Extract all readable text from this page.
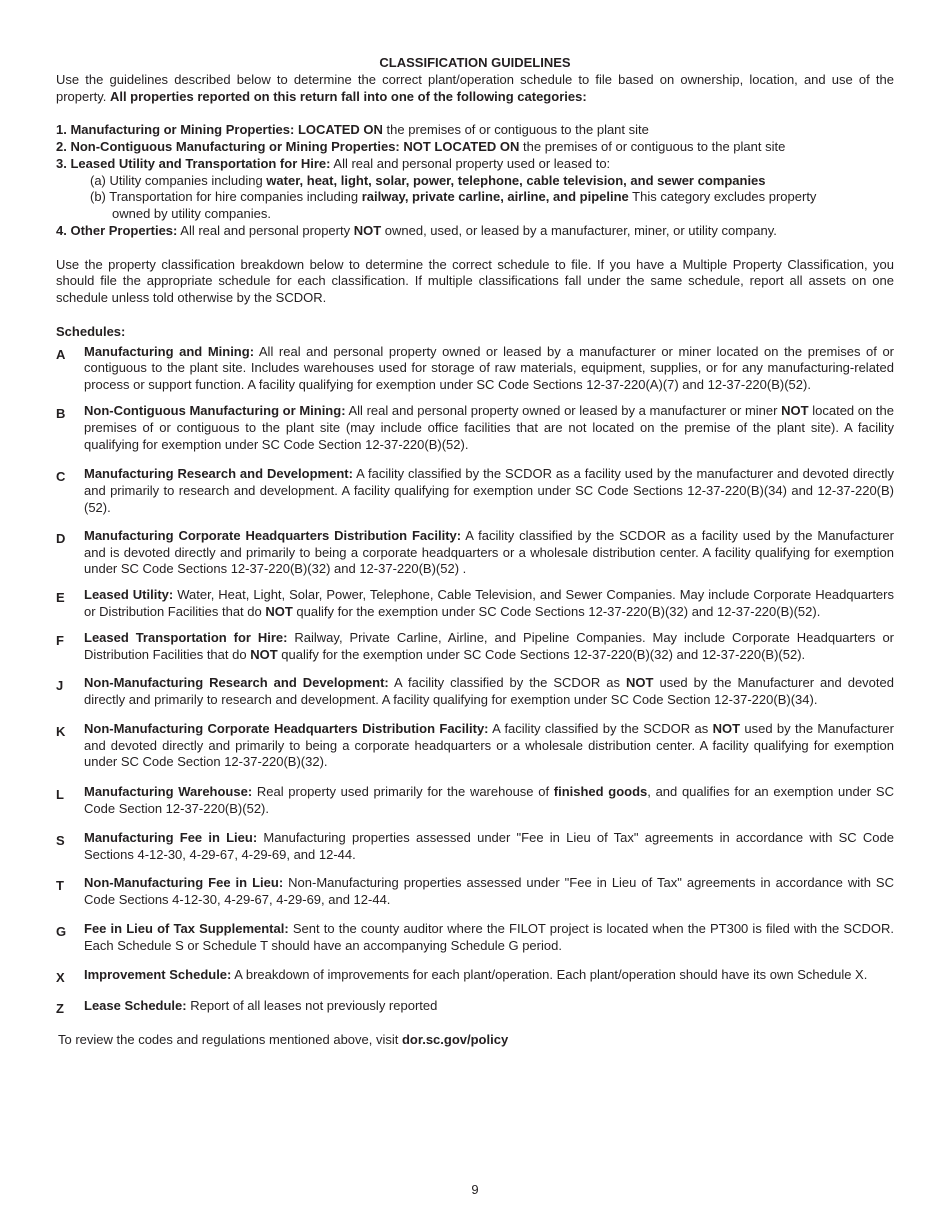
CLASSIFICATION GUIDELINES

Use the guidelines described below to determine the correct plant/operation schedule to file based on ownership, location, and use of the property. All properties reported on this return fall into one of the following categories:

1. Manufacturing or Mining Properties: LOCATED ON the premises of or contiguous to the plant site

2. Non-Contiguous Manufacturing or Mining Properties: NOT LOCATED ON the premises of or contiguous to the plant site

3. Leased Utility and Transportation for Hire: All real and personal property used or leased to:

(a) Utility companies including water, heat, light, solar, power, telephone, cable television, and sewer companies

(b) Transportation for hire companies including railway, private carline, airline, and pipeline This category excludes property

owned by utility companies.

4. Other Properties: All real and personal property NOT owned, used, or leased by a manufacturer, miner, or utility company.

Use the property classification breakdown below to determine the correct schedule to file. If you have a Multiple Property Classification, you should file the appropriate schedule for each classification. If multiple classifications fall under the same schedule, report all assets on one schedule unless told otherwise by the SCDOR.

Schedules:

A	Manufacturing and Mining: All real and personal property owned or leased by a manufacturer or miner located on the premises of or contiguous to the plant site. Includes warehouses used for storage of raw materials, equipment, supplies, or for any manufacturing-related process or support function. A facility qualifying for exemption under SC Code Sections 12-37-220(A)(7) and 12-37-220(B)(52).
B	Non-Contiguous Manufacturing or Mining: All real and personal property owned or leased by a manufacturer or miner NOT located on the premises of or contiguous to the plant site (may include office facilities that are not located on the premise of the plant site). A facility qualifying for exemption under SC Code Section 12-37-220(B)(52).
C	Manufacturing Research and Development: A facility classified by the SCDOR as a facility used by the manufacturer and devoted directly and primarily to research and development. A facility qualifying for exemption under SC Code Sections 12-37-220(B)(34) and 12-37-220(B)(52).
D	Manufacturing Corporate Headquarters Distribution Facility: A facility classified by the SCDOR as a facility used by the Manufacturer and is devoted directly and primarily to being a corporate headquarters or a wholesale distribution center. A facility qualifying for exemption under SC Code Sections 12-37-220(B)(32) and 12-37-220(B)(52) .
E	Leased Utility: Water, Heat, Light, Solar, Power, Telephone, Cable Television, and Sewer Companies. May include Corporate Headquarters or Distribution Facilities that do NOT qualify for the exemption under SC Code Sections 12-37-220(B)(32) and 12-37-220(B)(52).
F	Leased Transportation for Hire: Railway, Private Carline, Airline, and Pipeline Companies. May include Corporate Headquarters or Distribution Facilities that do NOT qualify for the exemption under SC Code Sections 12-37-220(B)(32) and 12-37-220(B)(52).
J	Non-Manufacturing Research and Development: A facility classified by the SCDOR as NOT used by the Manufacturer and devoted directly and primarily to research and development. A facility qualifying for exemption under SC Code Section 12-37-220(B)(34).
K	Non-Manufacturing Corporate Headquarters Distribution Facility: A facility classified by the SCDOR as NOT used by the Manufacturer and devoted directly and primarily to being a corporate headquarters or a wholesale distribution center. A facility qualifying for exemption under SC Code Section 12-37-220(B)(32).
L	Manufacturing Warehouse: Real property used primarily for the warehouse of finished goods, and qualifies for an exemption under SC Code Section 12-37-220(B)(52).
S	Manufacturing Fee in Lieu: Manufacturing properties assessed under "Fee in Lieu of Tax" agreements in accordance with SC Code Sections 4-12-30, 4-29-67, 4-29-69, and 12-44.
T	Non-Manufacturing Fee in Lieu: Non-Manufacturing properties assessed under "Fee in Lieu of Tax" agreements in accordance with SC Code Sections 4-12-30, 4-29-67, 4-29-69, and 12-44.
G	Fee in Lieu of Tax Supplemental: Sent to the county auditor where the FILOT project is located when the PT300 is filed with the SCDOR. Each Schedule S or Schedule T should have an accompanying Schedule G period.
X	Improvement Schedule: A breakdown of improvements for each plant/operation. Each plant/operation should have its own Schedule X.
Z	Lease Schedule: Report of all leases not previously reported

To review the codes and regulations mentioned above, visit dor.sc.gov/policy

9
